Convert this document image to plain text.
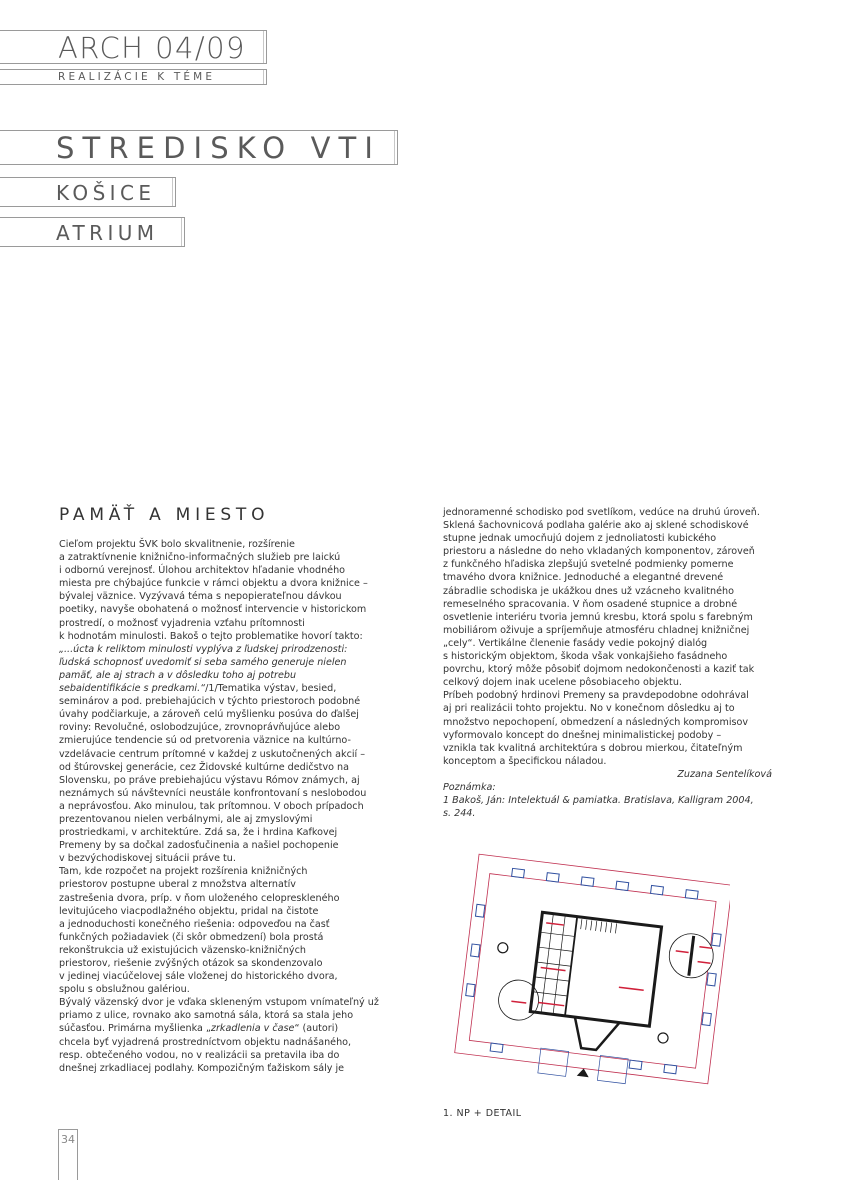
ARCH 04/09
REALIZÁCIE K TÉME
STREDISKO VTI
KOŠICE
ATRIUM
PAMÄŤ A MIESTO

Cieľom projektu ŠVK bolo skvalitnenie, rozšírenie

a zatraktívnenie knižnično-informačných služieb pre laickú

i odbornú verejnosť. Úlohou architektov hľadanie vhodného

miesta pre chýbajúce funkcie v rámci objektu a dvora knižnice –

bývalej väznice. Vyzývavá téma s nepopierateľnou dávkou

poetiky, navyše obohatená o možnosť intervencie v historickom

prostredí, o možnosť vyjadrenia vzťahu prítomnosti

k hodnotám minulosti. Bakoš o tejto problematike hovorí takto:

„...úcta k reliktom minulosti vyplýva z ľudskej prirodzenosti:

ľudská schopnosť uvedomiť si seba samého generuje nielen

pamäť, ale aj strach a v dôsledku toho aj potrebu

sebaidentifikácie s predkami.“/1/Tematika výstav, besied,

seminárov a pod. prebiehajúcich v týchto priestoroch podobné

úvahy podčiarkuje, a zároveň celú myšlienku posúva do ďalšej

roviny: Revolučné, oslobodzujúce, zrovnoprávňujúce alebo

zmierujúce tendencie sú od pretvorenia väznice na kultúrno-

vzdelávacie centrum prítomné v každej z uskutočnených akcií –

od štúrovskej generácie, cez Židovské kultúrne dedičstvo na

Slovensku, po práve prebiehajúcu výstavu Rómov známych, aj

neznámych sú návštevníci neustále konfrontovaní s neslobodou

a neprávosťou. Ako minulou, tak prítomnou. V oboch prípadoch

prezentovanou nielen verbálnymi, ale aj zmyslovými

prostriedkami, v architektúre. Zdá sa, že i hrdina Kafkovej

Premeny by sa dočkal zadosťučinenia a našiel pochopenie

v bezvýchodiskovej situácii práve tu.

Tam, kde rozpočet na projekt rozšírenia knižničných

priestorov postupne uberal z množstva alternatív

zastrešenia dvora, príp. v ňom uloženého celopreskleného

levitujúceho viacpodlažného objektu, pridal na čistote

a jednoduchosti konečného riešenia: odpoveďou na časť

funkčných požiadaviek (či skôr obmedzení) bola prostá

rekonštrukcia už existujúcich väzensko-knižničných

priestorov, riešenie zvýšných otázok sa skondenzovalo

v jedinej viacúčelovej sále vloženej do historického dvora,

spolu s obslužnou galériou.

Bývalý väzenský dvor je vďaka skleneným vstupom vnímateľný už

priamo z ulice, rovnako ako samotná sála, ktorá sa stala jeho

súčasťou. Primárna myšlienka „zrkadlenia v čase“ (autori)

chcela byť vyjadrená prostredníctvom objektu nadnášaného,

resp. obtečeného vodou, no v realizácii sa pretavila iba do

dnešnej zrkadliacej podlahy. Kompozičným ťažiskom sály je

jednoramenné schodisko pod svetlíkom, vedúce na druhú úroveň.

Sklená šachovnicová podlaha galérie ako aj sklené schodiskové

stupne jednak umocňujú dojem z jednoliatosti kubického

priestoru a následne do neho vkladaných komponentov, zároveň

z funkčného hľadiska zlepšujú svetelné podmienky pomerne

tmavého dvora knižnice. Jednoduché a elegantné drevené

zábradlie schodiska je ukážkou dnes už vzácneho kvalitného

remeselného spracovania. V ňom osadené stupnice a drobné

osvetlenie interiéru tvoria jemnú kresbu, ktorá spolu s farebným

mobiliárom oživuje a spríjemňuje atmosféru chladnej knižničnej

„cely“. Vertikálne členenie fasády vedie pokojný dialóg

s historickým objektom, škoda však vonkajšieho fasádneho

povrchu, ktorý môže pôsobiť dojmom nedokončenosti a kaziť tak

celkový dojem inak ucelene pôsobiaceho objektu.

Príbeh podobný hrdinovi Premeny sa pravdepodobne odohrával

aj pri realizácii tohto projektu. No v konečnom dôsledku aj to

množstvo nepochopení, obmedzení a následných kompromisov

vyformovalo koncept do dnešnej minimalistickej podoby –

vznikla tak kvalitná architektúra s dobrou mierkou, čitateľným

konceptom a špecifickou náladou.

Zuzana Sentelíková

Poznámka:

1 Bakoš, Ján: Intelektuál & pamiatka. Bratislava, Kalligram 2004,

s. 244.

1. NP + DETAIL
34
